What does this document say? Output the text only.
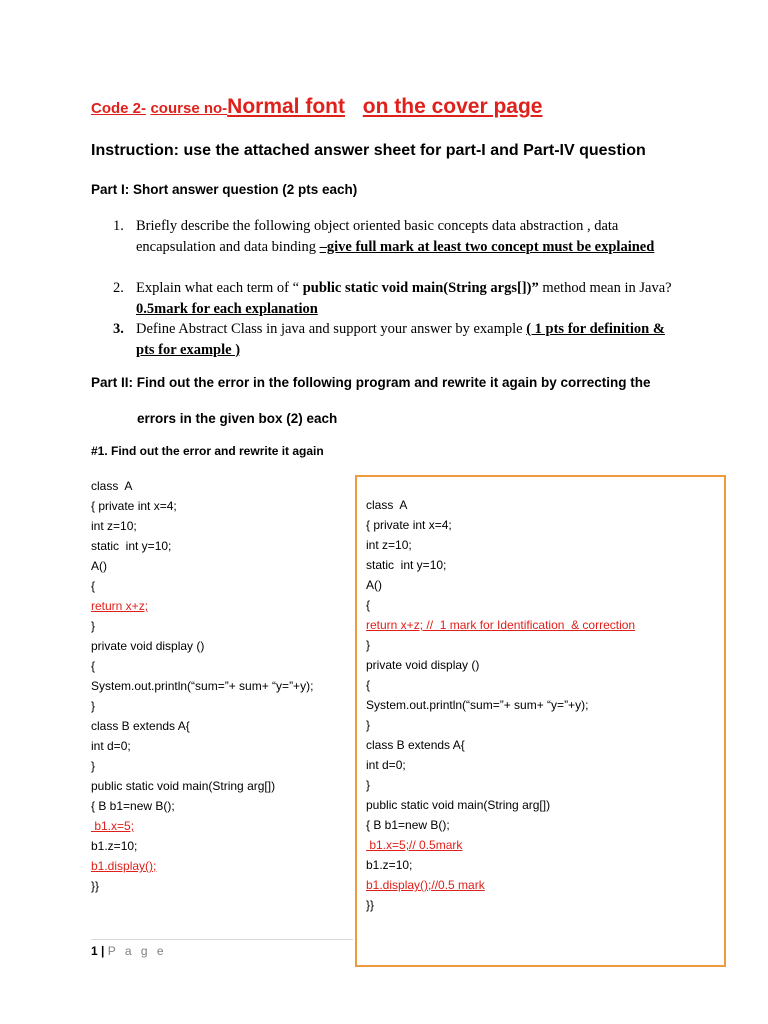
Code 2- course no-Normal font on the cover page
Instruction: use the attached answer sheet for part-I and Part-IV question
Part I: Short answer question (2 pts each)
1. Briefly describe the following object oriented basic concepts data abstraction , data encapsulation and data binding –give full mark at least two concept must be explained
2. Explain what each term of “ public static void main(String args[])” method mean in Java? 0.5mark for each explanation
3. Define Abstract Class in java and support your answer by example ( 1 pts for definition & pts for example )
Part II: Find out the error in the following program and rewrite it again by correcting the
errors in the given box (2) each
#1. Find out the error and rewrite it again
class  A
{ private int x=4;
int z=10;
static  int y=10;
A()
{
return x+z;
}
private void display ()
{
System.out.println(“sum=”+ sum+ “y=”+y);
}
class B extends A{
int d=0;
}
public static void main(String arg[])
{ B b1=new B();
b1.x=5;
b1.z=10;
b1.display();
}}
class  A
{ private int x=4;
int z=10;
static  int y=10;
A()
{
return x+z; //  1 mark for Identification  & correction
}
private void display ()
{
System.out.println(“sum=”+ sum+ “y=”+y);
}
class B extends A{
int d=0;
}
public static void main(String arg[])
{ B b1=new B();
b1.x=5;// 0.5mark
b1.z=10;
b1.display();//0.5 mark
}}
1 | P a g e
